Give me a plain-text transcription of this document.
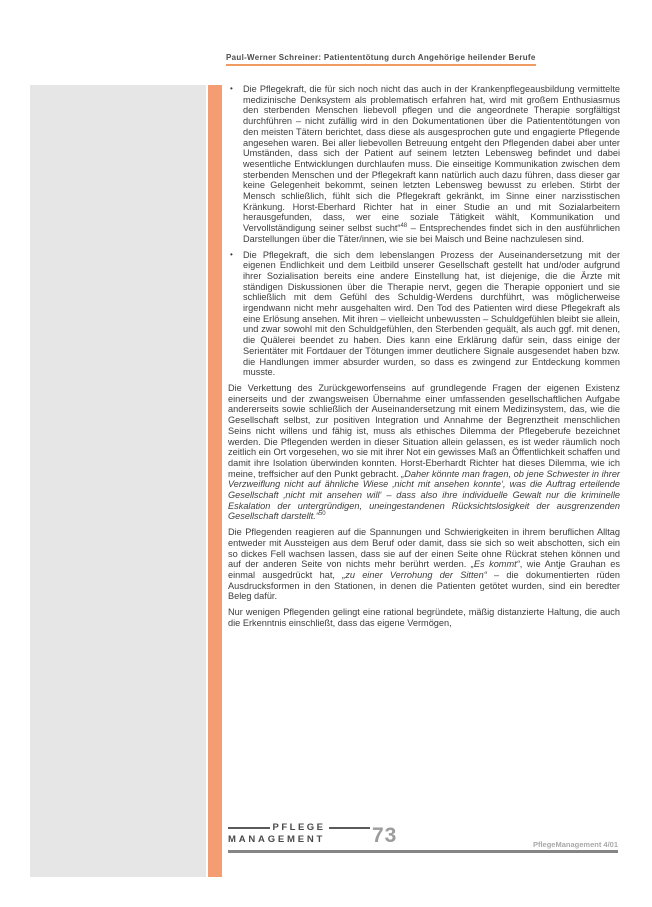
Paul-Werner Schreiner: Patiententötung durch Angehörige heilender Berufe
•	Die Pflegekraft, die für sich noch nicht das auch in der Krankenpflegeausbildung vermittelte medizinische Denksystem als problematisch erfahren hat, wird mit großem Enthusiasmus den sterbenden Menschen liebevoll pflegen und die angeordnete Therapie sorgfältigst durchführen – nicht zufällig wird in den Dokumentationen über die Patiententötungen von den meisten Tätern berichtet, dass diese als ausgesprochen gute und engagierte Pflegende angesehen waren. Bei aller liebevollen Betreuung entgeht den Pflegenden dabei aber unter Umständen, dass sich der Patient auf seinem letzten Lebensweg befindet und dabei wesentliche Entwicklungen durchlaufen muss. Die einseitige Kommunikation zwischen dem sterbenden Menschen und der Pflegekraft kann natürlich auch dazu führen, dass dieser gar keine Gelegenheit bekommt, seinen letzten Lebensweg bewusst zu erleben. Stirbt der Mensch schließlich, fühlt sich die Pflegekraft gekränkt, im Sinne einer narzisstischen Kränkung. Horst-Eberhard Richter hat in einer Studie an und mit Sozialarbeitern herausgefunden, dass, wer eine soziale Tätigkeit wählt, Kommunikation und Vervollständigung seiner selbst sucht“$^{48}$ – Entsprechendes findet sich in den ausführlichen Darstellungen über die Täter/innen, wie sie bei Maisch und Beine nachzulesen sind.

•	Die Pflegekraft, die sich dem lebenslangen Prozess der Auseinandersetzung mit der eigenen Endlichkeit und dem Leitbild unserer Gesellschaft gestellt hat und/oder aufgrund ihrer Sozialisation bereits eine andere Einstellung hat, ist diejenige, die die Ärzte mit ständigen Diskussionen über die Therapie nervt, gegen die Therapie opponiert und sie schließlich mit dem Gefühl des Schuldig-Werdens durchführt, was möglicherweise irgendwann nicht mehr ausgehalten wird. Den Tod des Patienten wird diese Pflegekraft als eine Erlösung ansehen. Mit ihren – vielleicht unbewussten – Schuldgefühlen bleibt sie allein, und zwar sowohl mit den Schuldgefühlen, den Sterbenden gequält, als auch ggf. mit denen, die Quälerei beendet zu haben. Dies kann eine Erklärung dafür sein, dass einige der Serientäter mit Fortdauer der Tötungen immer deutlichere Signale ausgesendet haben bzw. die Handlungen immer absurder wurden, so dass es zwingend zur Entdeckung kommen musste.

Die Verkettung des Zurückgeworfenseins auf grundlegende Fragen der eigenen Existenz einerseits und der zwangsweisen Übernahme einer umfassenden gesellschaftlichen Aufgabe andererseits sowie schließlich der Auseinandersetzung mit einem Medizinsystem, das, wie die Gesellschaft selbst, zur positiven Integration und Annahme der Begrenztheit menschlichen Seins nicht willens und fähig ist, muss als ethisches Dilemma der Pflegeberufe bezeichnet werden. Die Pflegenden werden in dieser Situation allein gelassen, es ist weder räumlich noch zeitlich ein Ort vorgesehen, wo sie mit ihrer Not ein gewisses Maß an Öffentlichkeit schaffen und damit ihre Isolation überwinden konnten. Horst-Eberhardt Richter hat dieses Dilemma, wie ich meine, treffsicher auf den Punkt gebracht. „Daher könnte man fragen, ob jene Schwester in ihrer Verzweiflung nicht auf ähnliche Wiese ‚nicht mit ansehen konnte‘, was die Auftrag erteilende Gesellschaft ‚nicht mit ansehen will‘ – dass also ihre individuelle Gewalt nur die kriminelle Eskalation der untergründigen, uneingestandenen Rücksichtslosigkeit der ausgrenzenden Gesellschaft darstellt.“$^{50}$

Die Pflegenden reagieren auf die Spannungen und Schwierigkeiten in ihrem beruflichen Alltag entweder mit Aussteigen aus dem Beruf oder damit, dass sie sich so weit abschotten, sich ein so dickes Fell wachsen lassen, dass sie auf der einen Seite ohne Rückrat stehen können und auf der anderen Seite von nichts mehr berührt werden. „Es kommt“, wie Antje Grauhan es einmal ausgedrückt hat, „zu einer Verrohung der Sitten“ – die dokumentierten rüden Ausdrucksformen in den Stationen, in denen die Patienten getötet wurden, sind ein beredter Beleg dafür.

Nur wenigen Pflegenden gelingt eine rational begründete, mäßig distanzierte Haltung, die auch die Erkenntnis einschließt, dass das eigene Vermögen,

PFLEGE
MANAGEMENT	73	PflegeManagement 4/01
